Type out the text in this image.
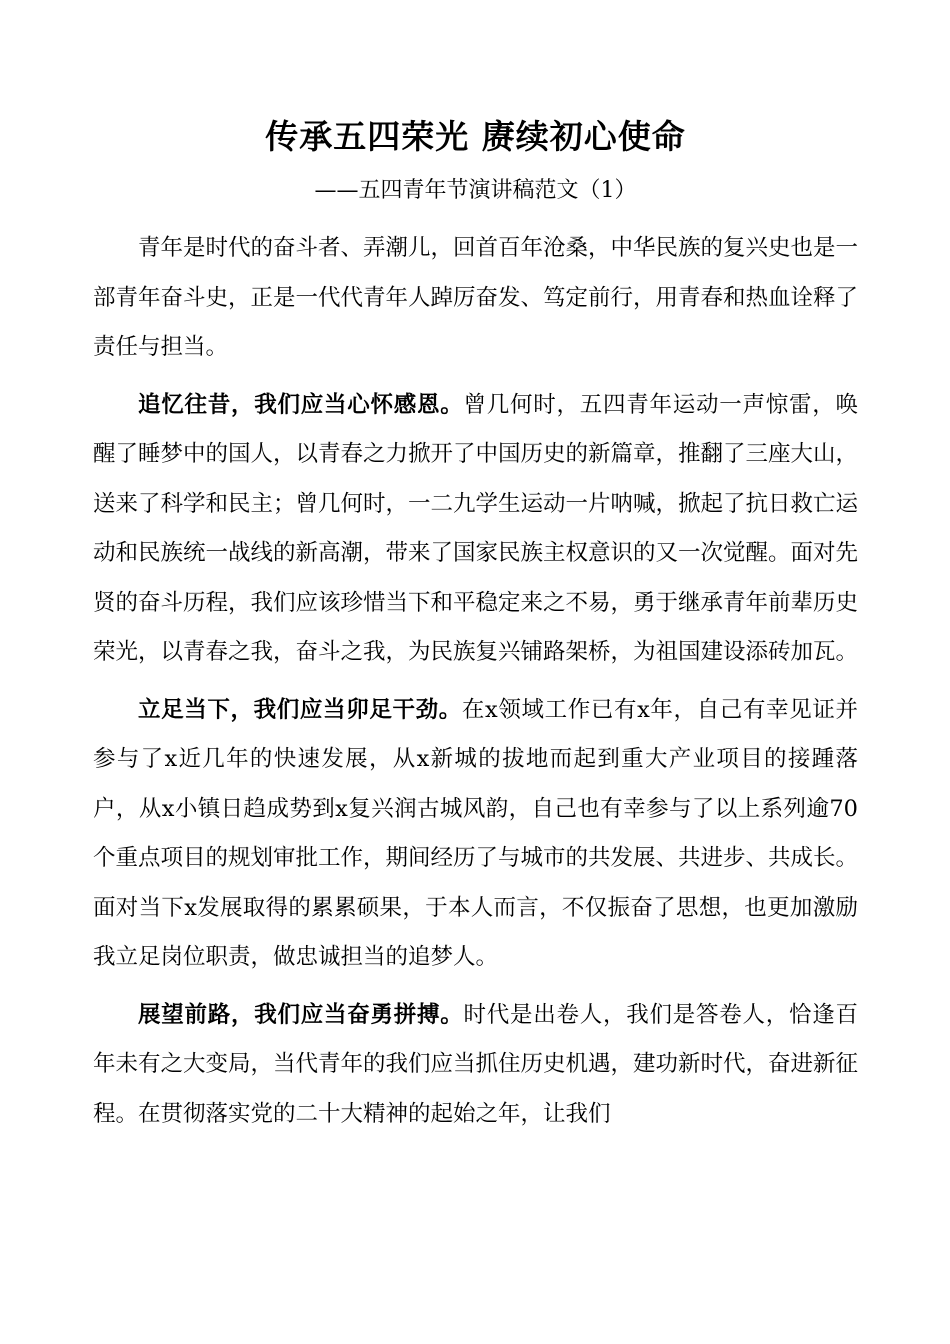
传承五四荣光 赓续初心使命
——五四青年节演讲稿范文（1）

青年是时代的奋斗者、弄潮儿，回首百年沧桑，中华民族的复兴史也是一部青年奋斗史，正是一代代青年人踔厉奋发、笃定前行，用青春和热血诠释了责任与担当。

追忆往昔，我们应当心怀感恩。曾几何时，五四青年运动一声惊雷，唤醒了睡梦中的国人，以青春之力掀开了中国历史的新篇章，推翻了三座大山，送来了科学和民主；曾几何时，一二九学生运动一片呐喊，掀起了抗日救亡运动和民族统一战线的新高潮，带来了国家民族主权意识的又一次觉醒。面对先贤的奋斗历程，我们应该珍惜当下和平稳定来之不易，勇于继承青年前辈历史荣光，以青春之我，奋斗之我，为民族复兴铺路架桥，为祖国建设添砖加瓦。

立足当下，我们应当卯足干劲。在x领域工作已有x年，自己有幸见证并参与了x近几年的快速发展，从x新城的拔地而起到重大产业项目的接踵落户，从x小镇日趋成势到x复兴润古城风韵，自己也有幸参与了以上系列逾70个重点项目的规划审批工作，期间经历了与城市的共发展、共进步、共成长。面对当下x发展取得的累累硕果，于本人而言，不仅振奋了思想，也更加激励我立足岗位职责，做忠诚担当的追梦人。

展望前路，我们应当奋勇拼搏。时代是出卷人，我们是答卷人，恰逢百年未有之大变局，当代青年的我们应当抓住历史机遇，建功新时代，奋进新征程。在贯彻落实党的二十大精神的起始之年，让我们
